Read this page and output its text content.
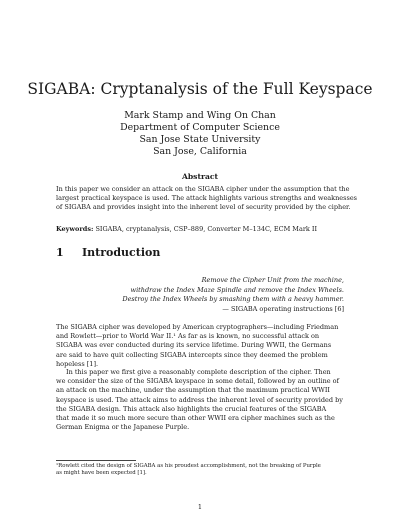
SIGABA: Cryptanalysis of the Full Keyspace
Mark Stamp and Wing On Chan
Department of Computer Science
San Jose State University
San Jose, California
Abstract
In this paper we consider an attack on the SIGABA cipher under the assumption that the
largest practical keyspace is used. The attack highlights various strengths and weaknesses
of SIGABA and provides insight into the inherent level of security provided by the cipher.
Keywords: SIGABA, cryptanalysis, CSP–889, Converter M–134C, ECM Mark II
1 Introduction
Remove the Cipher Unit from the machine,
withdraw the Index Maze Spindle and remove the Index Wheels.
Destroy the Index Wheels by smashing them with a heavy hammer.
— SIGABA operating instructions [6]
The SIGABA cipher was developed by American cryptographers—including Friedman
and Rowlett—prior to World War II.¹ As far as is known, no successful attack on
SIGABA was ever conducted during its service lifetime. During WWII, the Germans
are said to have quit collecting SIGABA intercepts since they deemed the problem
hopeless [1].
In this paper we first give a reasonably complete description of the cipher. Then
we consider the size of the SIGABA keyspace in some detail, followed by an outline of
an attack on the machine, under the assumption that the maximum practical WWII
keyspace is used. The attack aims to address the inherent level of security provided by
the SIGABA design. This attack also highlights the crucial features of the SIGABA
that made it so much more secure than other WWII era cipher machines such as the
German Enigma or the Japanese Purple.
¹Rowlett cited the design of SIGABA as his proudest accomplishment, not the breaking of Purple
as might have been expected [1].
1
